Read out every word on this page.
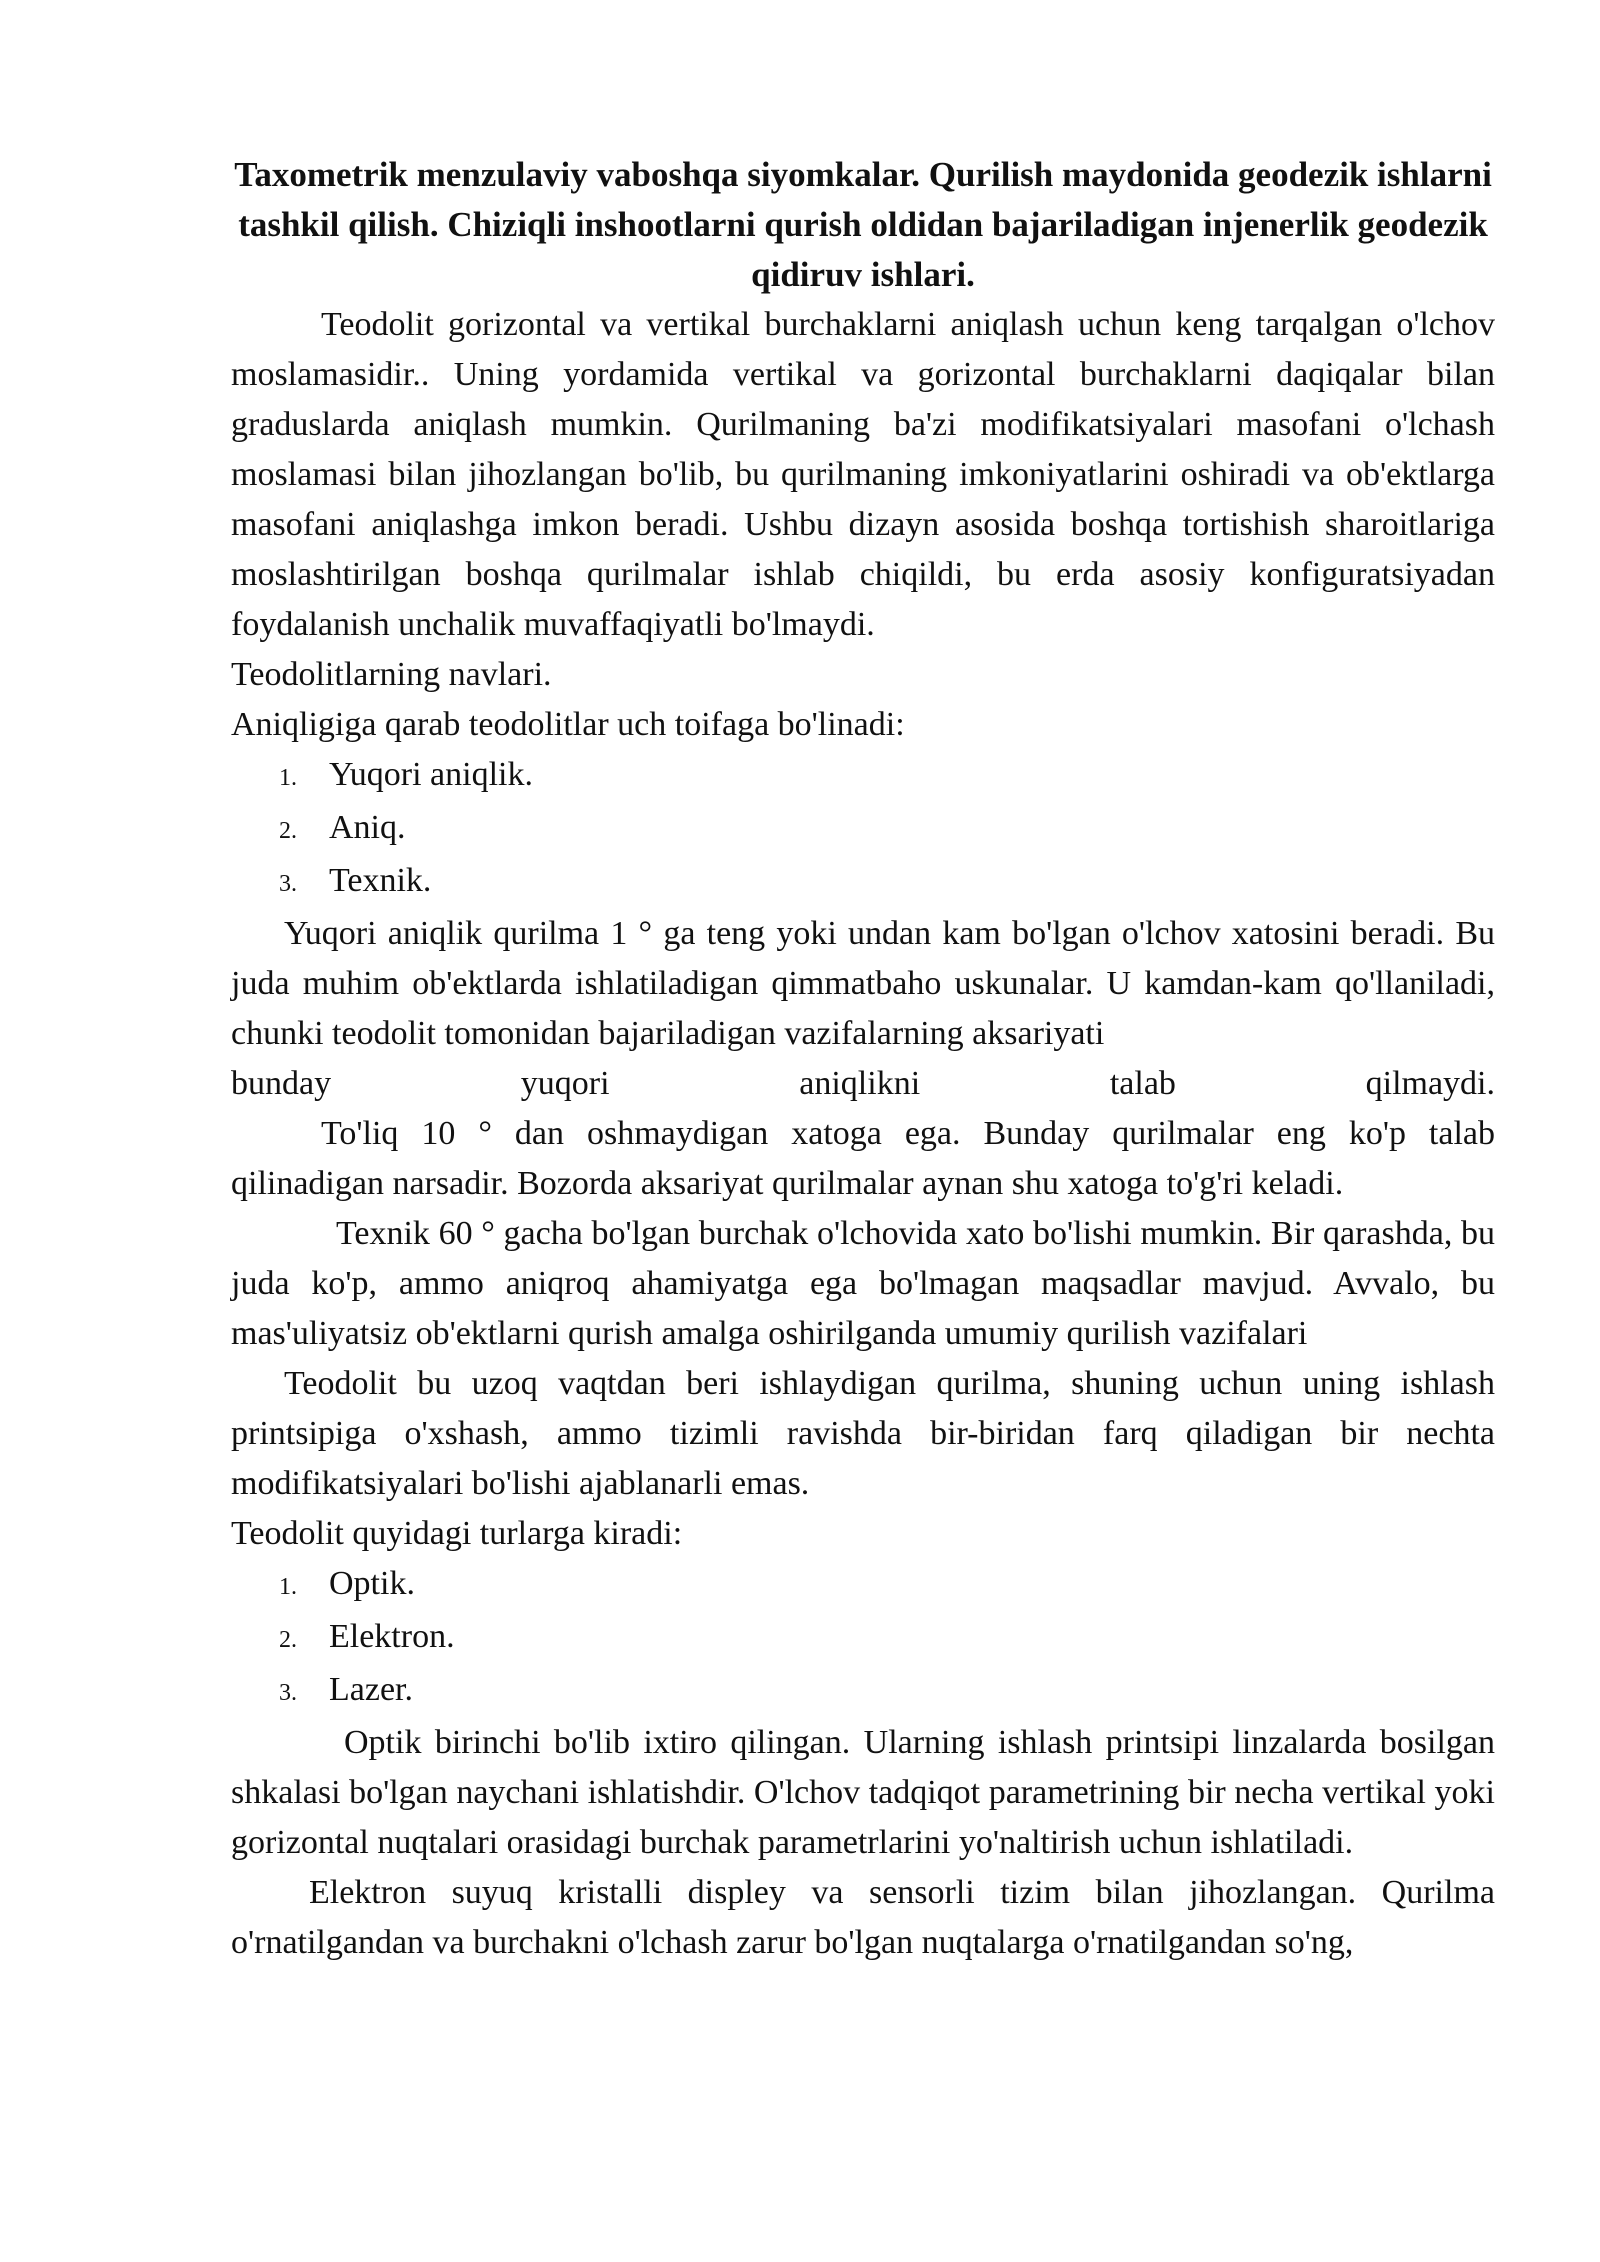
Taxometrik menzulaviy vaboshqa siyomkalar. Qurilish maydonida geodezik ishlarni tashkil qilish. Chiziqli inshootlarni qurish oldidan bajariladigan injenerlik geodezik qidiruv ishlari.

Teodolit gorizontal va vertikal burchaklarni aniqlash uchun keng tarqalgan o'lchov moslamasidir.. Uning yordamida vertikal va gorizontal burchaklarni daqiqalar bilan graduslarda aniqlash mumkin. Qurilmaning ba'zi modifikatsiyalari masofani o'lchash moslamasi bilan jihozlangan bo'lib, bu qurilmaning imkoniyatlarini oshiradi va ob'ektlarga masofani aniqlashga imkon beradi. Ushbu dizayn asosida boshqa tortishish sharoitlariga moslashtirilgan boshqa qurilmalar ishlab chiqildi, bu erda asosiy konfiguratsiyadan foydalanish unchalik muvaffaqiyatli bo'lmaydi.

Teodolitlarning navlari.

Aniqligiga qarab teodolitlar uch toifaga bo'linadi:

1. Yuqori aniqlik.
2. Aniq.
3. Texnik.

Yuqori aniqlik qurilma 1 ° ga teng yoki undan kam bo'lgan o'lchov xatosini beradi. Bu juda muhim ob'ektlarda ishlatiladigan qimmatbaho uskunalar. U kamdan-kam qo'llaniladi, chunki teodolit tomonidan bajariladigan vazifalarning aksariyati

bunday yuqori aniqlikni talab qilmaydi.

To'liq 10 ° dan oshmaydigan xatoga ega. Bunday qurilmalar eng ko'p talab qilinadigan narsadir. Bozorda aksariyat qurilmalar aynan shu xatoga to'g'ri keladi.

Texnik 60 ° gacha bo'lgan burchak o'lchovida xato bo'lishi mumkin. Bir qarashda, bu juda ko'p, ammo aniqroq ahamiyatga ega bo'lmagan maqsadlar mavjud. Avvalo, bu mas'uliyatsiz ob'ektlarni qurish amalga oshirilganda umumiy qurilish vazifalari

Teodolit bu uzoq vaqtdan beri ishlaydigan qurilma, shuning uchun uning ishlash printsipiga o'xshash, ammo tizimli ravishda bir-biridan farq qiladigan bir nechta modifikatsiyalari bo'lishi ajablanarli emas.

Teodolit quyidagi turlarga kiradi:

1. Optik.
2. Elektron.
3. Lazer.

Optik birinchi bo'lib ixtiro qilingan. Ularning ishlash printsipi linzalarda bosilgan shkalasi bo'lgan naychani ishlatishdir. O'lchov tadqiqot parametrining bir necha vertikal yoki gorizontal nuqtalari orasidagi burchak parametrlarini yo'naltirish uchun ishlatiladi.

Elektron suyuq kristalli displey va sensorli tizim bilan jihozlangan. Qurilma o'rnatilgandan va burchakni o'lchash zarur bo'lgan nuqtalarga o'rnatilgandan so'ng,
